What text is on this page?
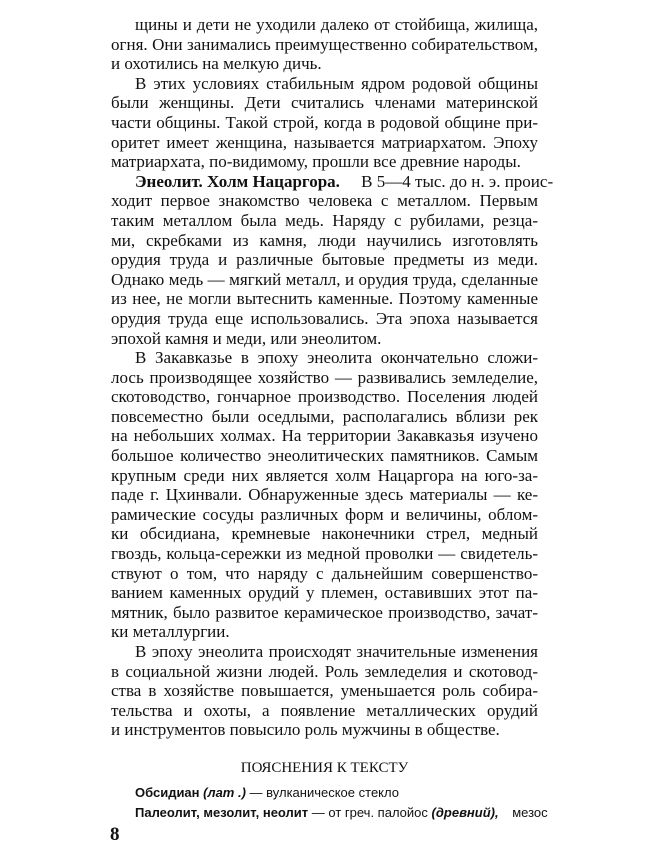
щины и дети не уходили далеко от стойбища, жилища,
огня. Они занимались преимущественно собирательством,
и охотились на мелкую дичь.
В этих условиях стабильным ядром родовой общины
были женщины. Дети считались членами материнской
части общины. Такой строй, когда в родовой общине при-
оритет имеет женщина, называется матриархатом. Эпоху
матриархата, по-видимому, прошли все древние народы.
Энеолит. Холм Нацаргора.  В 5—4 тыс. до н. э. проис-
ходит первое знакомство человека с металлом. Первым
таким металлом была медь. Наряду с рубилами, резца-
ми, скребками из камня, люди научились изготовлять
орудия труда и различные бытовые предметы из меди.
Однако медь — мягкий металл, и орудия труда, сделанные
из нее, не могли вытеснить каменные. Поэтому каменные
орудия труда еще использовались. Эта эпоха называется
эпохой камня и меди, или энеолитом.
В Закавказье в эпоху энеолита окончательно сложи-
лось производящее хозяйство — развивались земледелие,
скотоводство, гончарное производство. Поселения людей
повсеместно были оседлыми, располагались вблизи рек
на небольших холмах. На территории Закавказья изучено
большое количество энеолитических памятников. Самым
крупным среди них является холм Нацаргора на юго-за-
паде г. Цхинвали. Обнаруженные здесь материалы — ке-
рамические сосуды различных форм и величины, облом-
ки обсидиана, кремневые наконечники стрел, медный
гвоздь, кольца-сережки из медной проволки — свидетель-
ствуют о том, что наряду с дальнейшим совершенство-
ванием каменных орудий у племен, оставивших этот па-
мятник, было развитое керамическое производство, зачат-
ки металлургии.
В эпоху энеолита происходят значительные изменения
в социальной жизни людей. Роль земледелия и скотовод-
ства в хозяйстве повышается, уменьшается роль собира-
тельства и охоты, а появление металлических орудий
и инструментов повысило роль мужчины в обществе.
ПОЯСНЕНИЯ К ТЕКСТУ
Обсидиан (лат .) — вулканическое стекло
Палеолит, мезолит, неолит — от греч. палойос (древний), мезос
8
